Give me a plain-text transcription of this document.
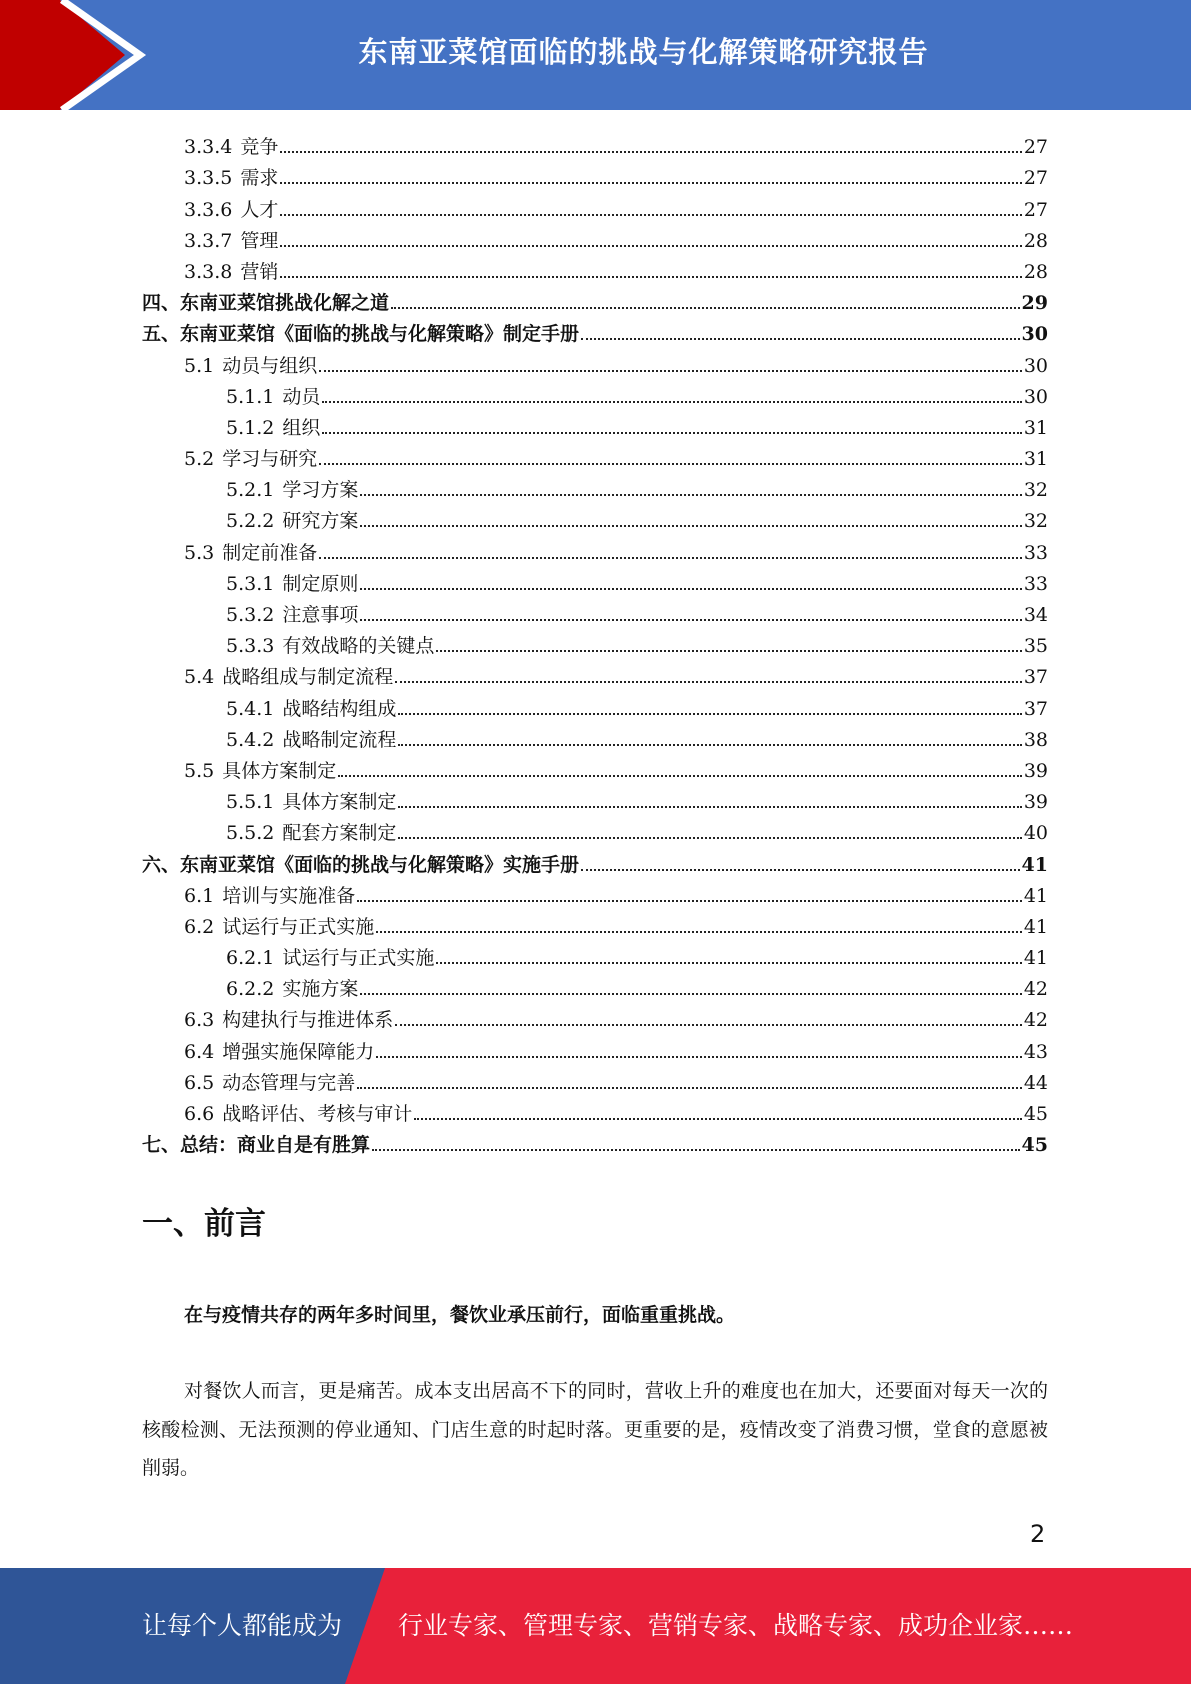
东南亚菜馆面临的挑战与化解策略研究报告
3.3.4 竞争	27
3.3.5 需求	27
3.3.6 人才	27
3.3.7 管理	28
3.3.8 营销	28
四、东南亚菜馆挑战化解之道	29
五、东南亚菜馆《面临的挑战与化解策略》制定手册	30
5.1 动员与组织	30
5.1.1 动员	30
5.1.2 组织	31
5.2 学习与研究	31
5.2.1 学习方案	32
5.2.2 研究方案	32
5.3 制定前准备	33
5.3.1 制定原则	33
5.3.2 注意事项	34
5.3.3 有效战略的关键点	35
5.4 战略组成与制定流程	37
5.4.1 战略结构组成	37
5.4.2 战略制定流程	38
5.5 具体方案制定	39
5.5.1 具体方案制定	39
5.5.2 配套方案制定	40
六、东南亚菜馆《面临的挑战与化解策略》实施手册	41
6.1 培训与实施准备	41
6.2 试运行与正式实施	41
6.2.1 试运行与正式实施	41
6.2.2 实施方案	42
6.3 构建执行与推进体系	42
6.4 增强实施保障能力	43
6.5 动态管理与完善	44
6.6 战略评估、考核与审计	45
七、总结：商业自是有胜算	45
一、前言
在与疫情共存的两年多时间里，餐饮业承压前行，面临重重挑战。

对餐饮人而言，更是痛苦。成本支出居高不下的同时，营收上升的难度也在加大，还要面对每天一次的核酸检测、无法预测的停业通知、门店生意的时起时落。更重要的是，疫情改变了消费习惯，堂食的意愿被削弱。

2
让每个人都能成为 行业专家、管理专家、营销专家、战略专家、成功企业家……
